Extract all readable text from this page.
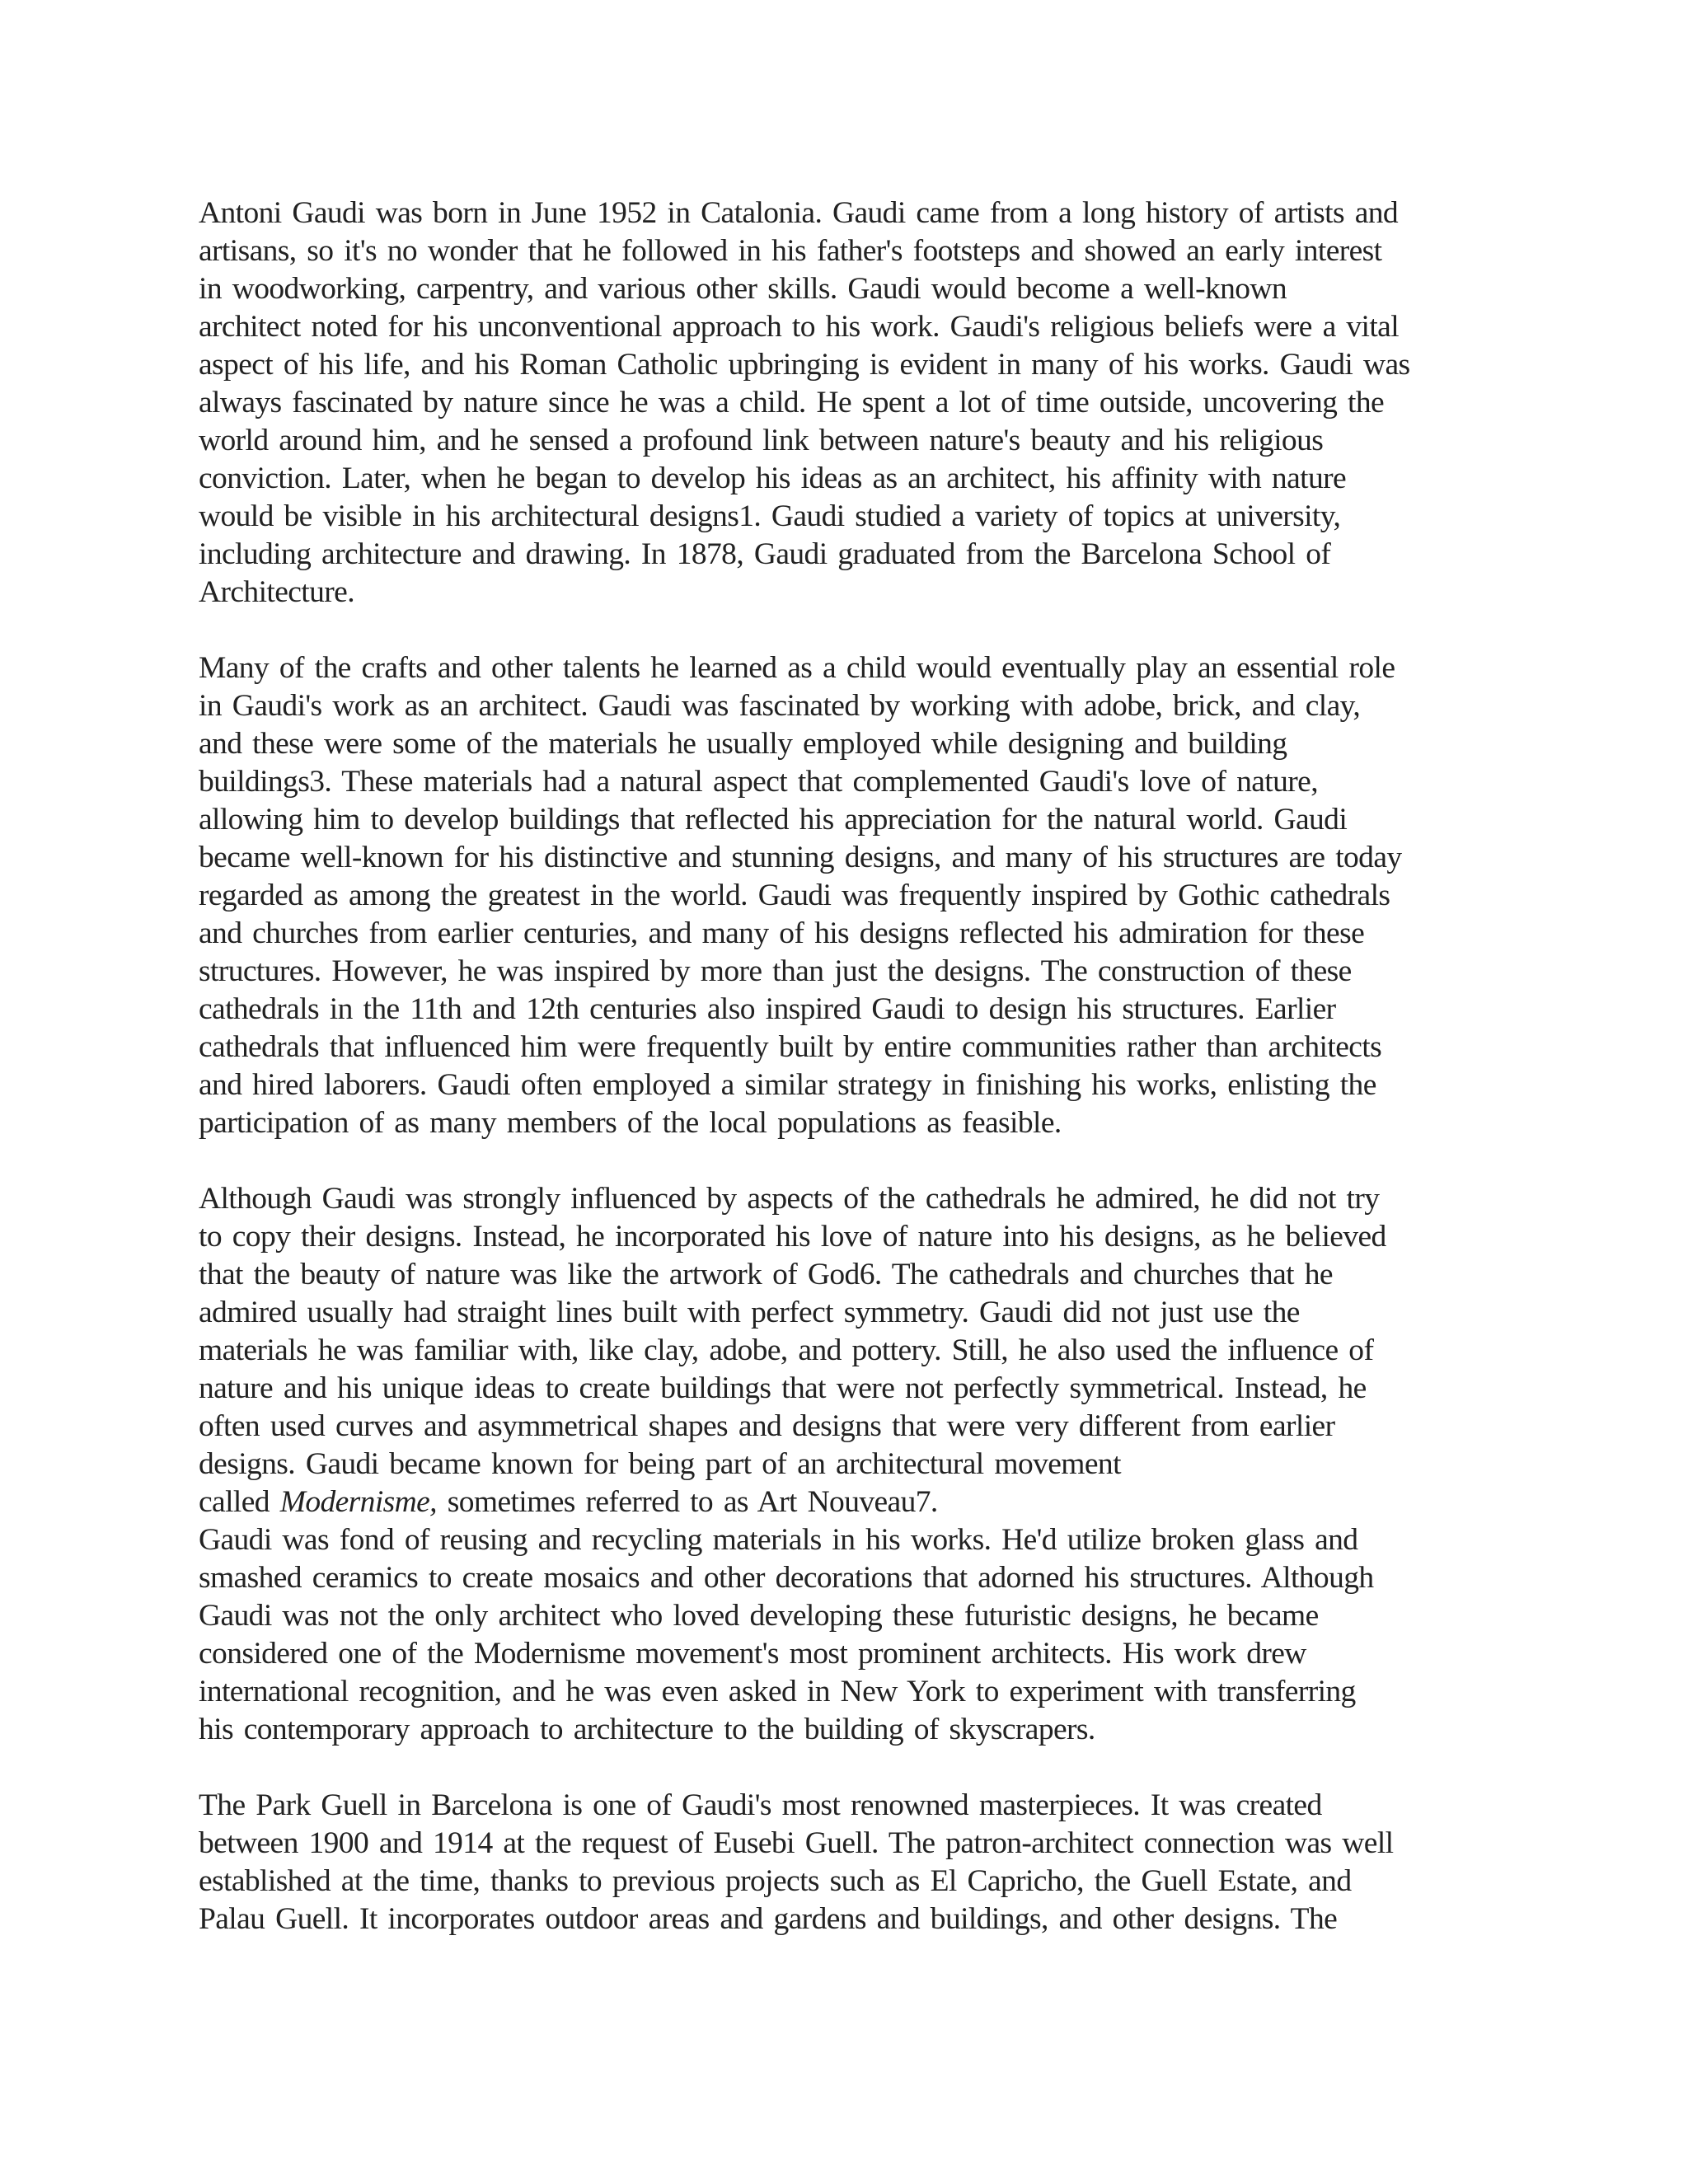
Antoni Gaudi was born in June 1952 in Catalonia. Gaudi came from a long history of artists and
artisans, so it's no wonder that he followed in his father's footsteps and showed an early interest
in woodworking, carpentry, and various other skills. Gaudi would become a well-known
architect noted for his unconventional approach to his work. Gaudi's religious beliefs were a vital
aspect of his life, and his Roman Catholic upbringing is evident in many of his works. Gaudi was
always fascinated by nature since he was a child. He spent a lot of time outside, uncovering the
world around him, and he sensed a profound link between nature's beauty and his religious
conviction. Later, when he began to develop his ideas as an architect, his affinity with nature
would be visible in his architectural designs1. Gaudi studied a variety of topics at university,
including architecture and drawing. In 1878, Gaudi graduated from the Barcelona School of
Architecture.
Many of the crafts and other talents he learned as a child would eventually play an essential role
in Gaudi's work as an architect. Gaudi was fascinated by working with adobe, brick, and clay,
and these were some of the materials he usually employed while designing and building
buildings3. These materials had a natural aspect that complemented Gaudi's love of nature,
allowing him to develop buildings that reflected his appreciation for the natural world. Gaudi
became well-known for his distinctive and stunning designs, and many of his structures are today
regarded as among the greatest in the world. Gaudi was frequently inspired by Gothic cathedrals
and churches from earlier centuries, and many of his designs reflected his admiration for these
structures. However, he was inspired by more than just the designs. The construction of these
cathedrals in the 11th and 12th centuries also inspired Gaudi to design his structures. Earlier
cathedrals that influenced him were frequently built by entire communities rather than architects
and hired laborers. Gaudi often employed a similar strategy in finishing his works, enlisting the
participation of as many members of the local populations as feasible.
Although Gaudi was strongly influenced by aspects of the cathedrals he admired, he did not try
to copy their designs. Instead, he incorporated his love of nature into his designs, as he believed
that the beauty of nature was like the artwork of God6. The cathedrals and churches that he
admired usually had straight lines built with perfect symmetry. Gaudi did not just use the
materials he was familiar with, like clay, adobe, and pottery. Still, he also used the influence of
nature and his unique ideas to create buildings that were not perfectly symmetrical. Instead, he
often used curves and asymmetrical shapes and designs that were very different from earlier
designs. Gaudi became known for being part of an architectural movement
called Modernisme, sometimes referred to as Art Nouveau7.
Gaudi was fond of reusing and recycling materials in his works. He'd utilize broken glass and
smashed ceramics to create mosaics and other decorations that adorned his structures. Although
Gaudi was not the only architect who loved developing these futuristic designs, he became
considered one of the Modernisme movement's most prominent architects. His work drew
international recognition, and he was even asked in New York to experiment with transferring
his contemporary approach to architecture to the building of skyscrapers.
The Park Guell in Barcelona is one of Gaudi's most renowned masterpieces. It was created
between 1900 and 1914 at the request of Eusebi Guell. The patron-architect connection was well
established at the time, thanks to previous projects such as El Capricho, the Guell Estate, and
Palau Guell. It incorporates outdoor areas and gardens and buildings, and other designs. The
